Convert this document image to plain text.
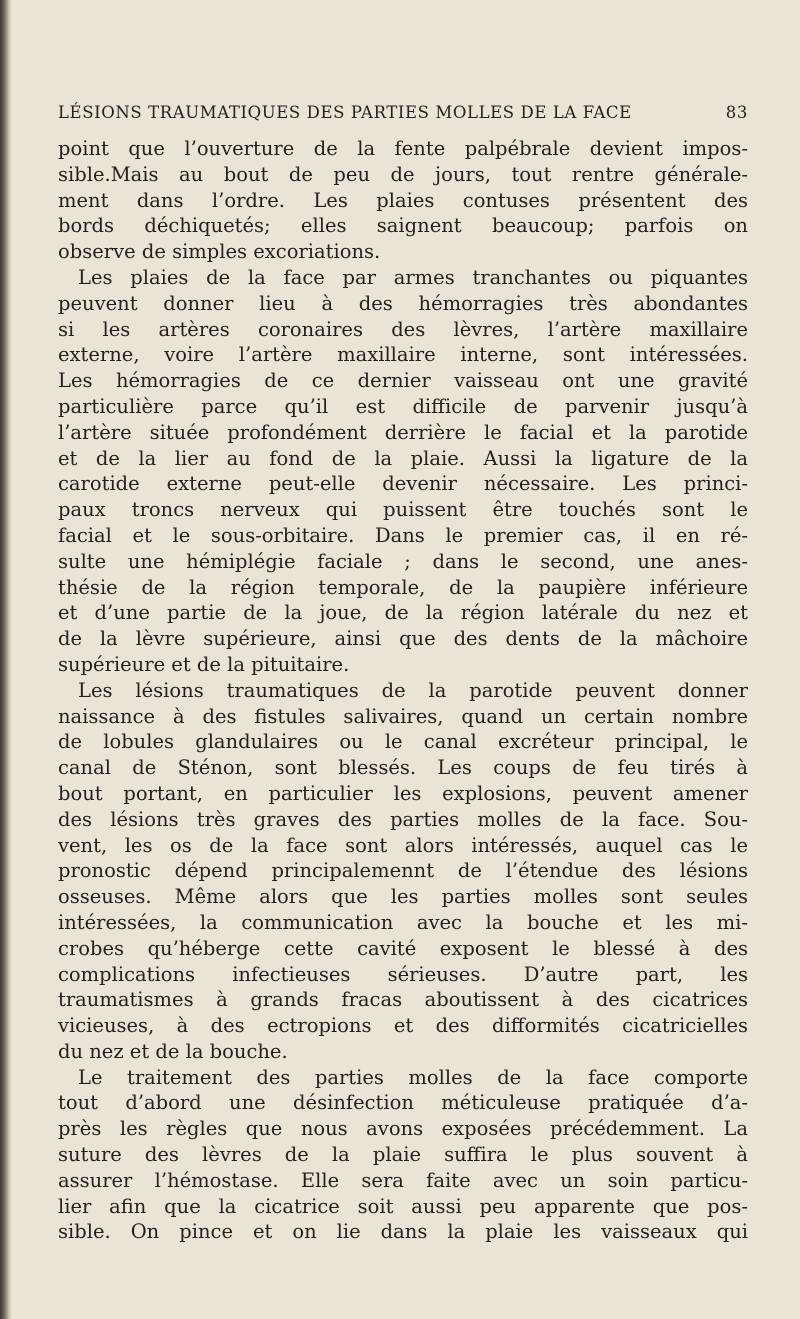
LÉSIONS TRAUMATIQUES DES PARTIES MOLLES DE LA FACE	83
point que l’ouverture de la fente palpébrale devient impos-
sible.Mais au bout de peu de jours, tout rentre générale-
ment dans l’ordre. Les plaies contuses présentent des
bords déchiquetés; elles saignent beaucoup; parfois on
observe de simples excoriations.
Les plaies de la face par armes tranchantes ou piquantes
peuvent donner lieu à des hémorragies très abondantes
si les artères coronaires des lèvres, l’artère maxillaire
externe, voire l’artère maxillaire interne, sont intéressées.
Les hémorragies de ce dernier vaisseau ont une gravité
particulière parce qu’il est difficile de parvenir jusqu’à
l’artère située profondément derrière le facial et la parotide
et de la lier au fond de la plaie. Aussi la ligature de la
carotide externe peut-elle devenir nécessaire. Les princi-
paux troncs nerveux qui puissent être touchés sont le
facial et le sous-orbitaire. Dans le premier cas, il en ré-
sulte une hémiplégie faciale ; dans le second, une anes-
thésie de la région temporale, de la paupière inférieure
et d’une partie de la joue, de la région latérale du nez et
de la lèvre supérieure, ainsi que des dents de la mâchoire
supérieure et de la pituitaire.
Les lésions traumatiques de la parotide peuvent donner
naissance à des fistules salivaires, quand un certain nombre
de lobules glandulaires ou le canal excréteur principal, le
canal de Sténon, sont blessés. Les coups de feu tirés à
bout portant, en particulier les explosions, peuvent amener
des lésions très graves des parties molles de la face. Sou-
vent, les os de la face sont alors intéressés, auquel cas le
pronostic dépend principalemennt de l’étendue des lésions
osseuses. Même alors que les parties molles sont seules
intéressées, la communication avec la bouche et les mi-
crobes qu’héberge cette cavité exposent le blessé à des
complications infectieuses sérieuses. D’autre part, les
traumatismes à grands fracas aboutissent à des cicatrices
vicieuses, à des ectropions et des difformités cicatricielles
du nez et de la bouche.
Le traitement des parties molles de la face comporte
tout d’abord une désinfection méticuleuse pratiquée d’a-
près les règles que nous avons exposées précédemment. La
suture des lèvres de la plaie suffira le plus souvent à
assurer l’hémostase. Elle sera faite avec un soin particu-
lier afin que la cicatrice soit aussi peu apparente que pos-
sible. On pince et on lie dans la plaie les vaisseaux qui
